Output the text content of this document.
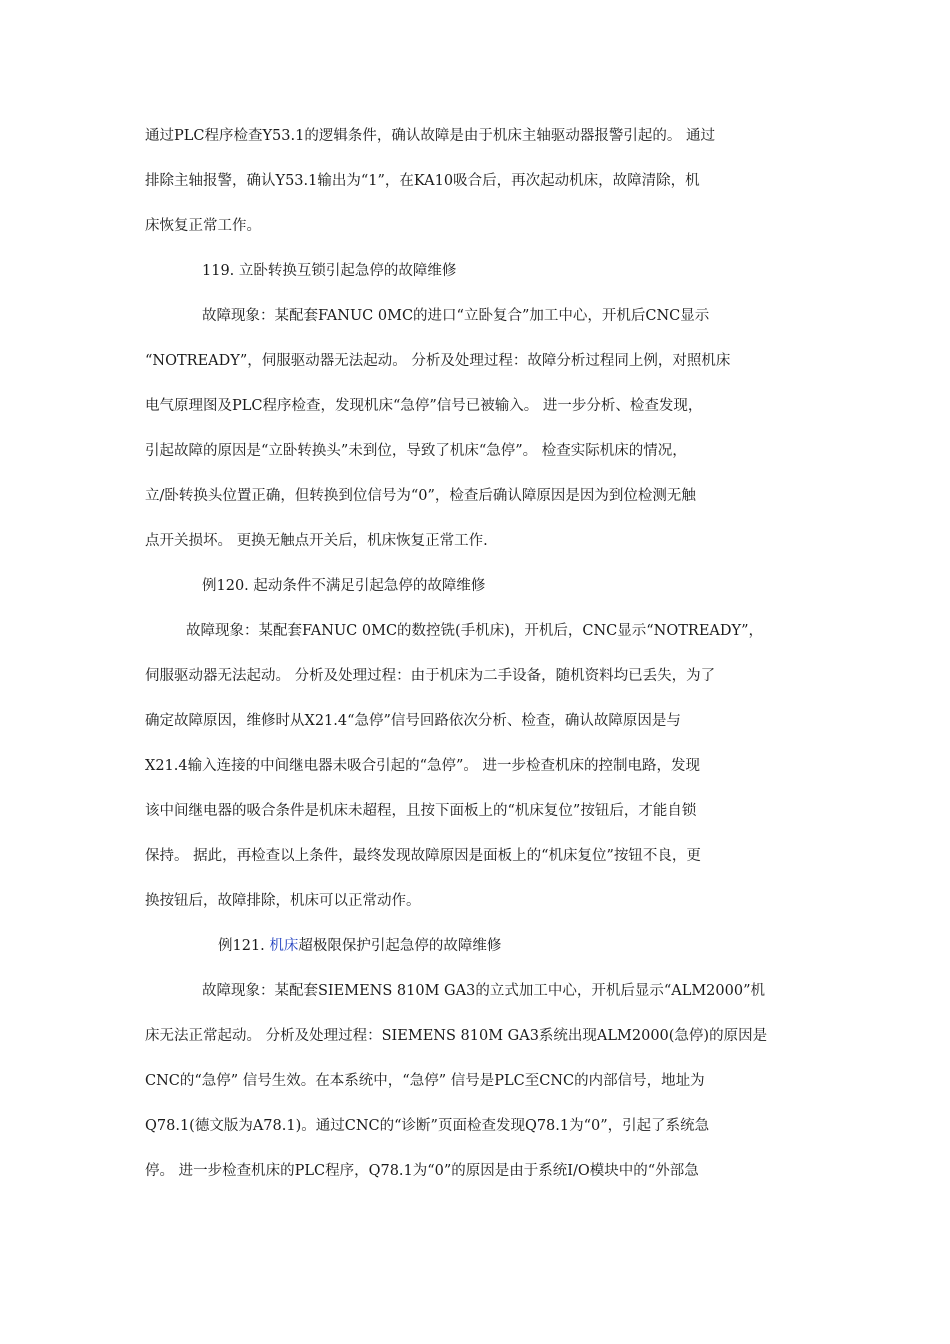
通过PLC程序检查Y53.1的逻辑条件，确认故障是由于机床主轴驱动器报警引起的。 通过
排除主轴报警，确认Y53.1输出为“1”，在KA10吸合后，再次起动机床，故障清除，机
床恢复正常工作。
119. 立卧转换互锁引起急停的故障维修
故障现象：某配套FANUC 0MC的进口“立卧复合”加工中心，开机后CNC显示
“NOTREADY”，伺服驱动器无法起动。 分析及处理过程：故障分析过程同上例，对照机床
电气原理图及PLC程序检查，发现机床“急停”信号已被输入。 进一步分析、检查发现，
引起故障的原因是“立卧转换头”未到位，导致了机床“急停”。 检查实际机床的情况，
立/卧转换头位置正确，但转换到位信号为“0”，检查后确认障原因是因为到位检测无触
点开关损坏。 更换无触点开关后，机床恢复正常工作.
例120. 起动条件不满足引起急停的故障维修
故障现象：某配套FANUC 0MC的数控铣(手机床)，开机后，CNC显示“NOTREADY”，
伺服驱动器无法起动。 分析及处理过程：由于机床为二手设备，随机资料均已丢失，为了
确定故障原因，维修时从X21.4“急停”信号回路依次分析、检查，确认故障原因是与
X21.4输入连接的中间继电器未吸合引起的“急停”。 进一步检查机床的控制电路，发现
该中间继电器的吸合条件是机床未超程，且按下面板上的“机床复位”按钮后，才能自锁
保持。 据此，再检查以上条件，最终发现故障原因是面板上的“机床复位”按钮不良，更
换按钮后，故障排除，机床可以正常动作。
例121. 机床超极限保护引起急停的故障维修
故障现象：某配套SIEMENS 810M GA3的立式加工中心，开机后显示“ALM2000”机
床无法正常起动。 分析及处理过程：SIEMENS 810M GA3系统出现ALM2000(急停)的原因是
CNC的“急停” 信号生效。在本系统中，“急停” 信号是PLC至CNC的内部信号，地址为
Q78.1(德文版为A78.1)。通过CNC的“诊断”页面检查发现Q78.1为“0”，引起了系统急
停。 进一步检查机床的PLC程序，Q78.1为“0”的原因是由于系统I/O模块中的“外部急
